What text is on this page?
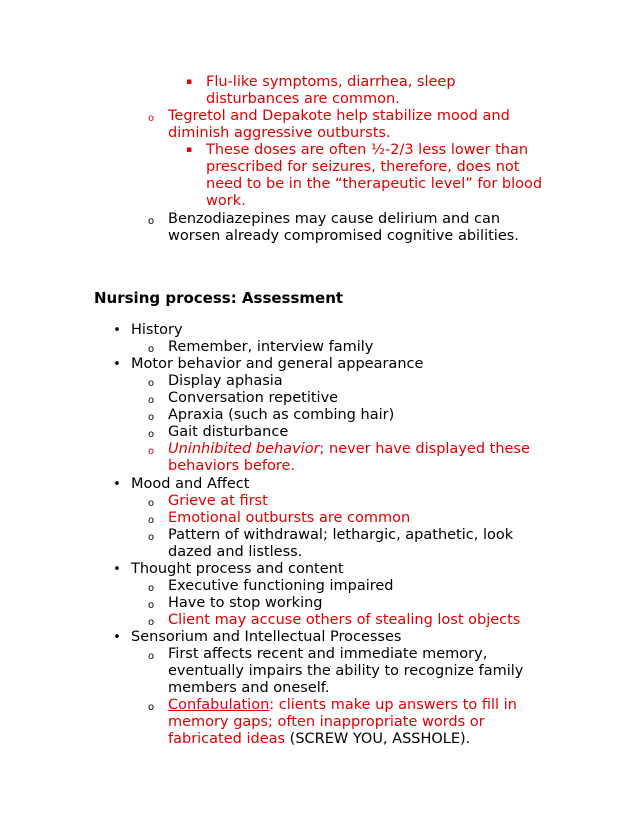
▪ Flu-like symptoms, diarrhea, sleep disturbances are common.
o Tegretol and Depakote help stabilize mood and diminish aggressive outbursts.
▪ These doses are often ½-2/3 less lower than prescribed for seizures, therefore, does not need to be in the “therapeutic level” for blood work.
o Benzodiazepines may cause delirium and can worsen already compromised cognitive abilities.
Nursing process: Assessment
• History
o Remember, interview family
• Motor behavior and general appearance
o Display aphasia
o Conversation repetitive
o Apraxia (such as combing hair)
o Gait disturbance
o Uninhibited behavior; never have displayed these behaviors before.
• Mood and Affect
o Grieve at first
o Emotional outbursts are common
o Pattern of withdrawal; lethargic, apathetic, look dazed and listless.
• Thought process and content
o Executive functioning impaired
o Have to stop working
o Client may accuse others of stealing lost objects
• Sensorium and Intellectual Processes
o First affects recent and immediate memory, eventually impairs the ability to recognize family members and oneself.
o Confabulation: clients make up answers to fill in memory gaps; often inappropriate words or fabricated ideas (SCREW YOU, ASSHOLE).
